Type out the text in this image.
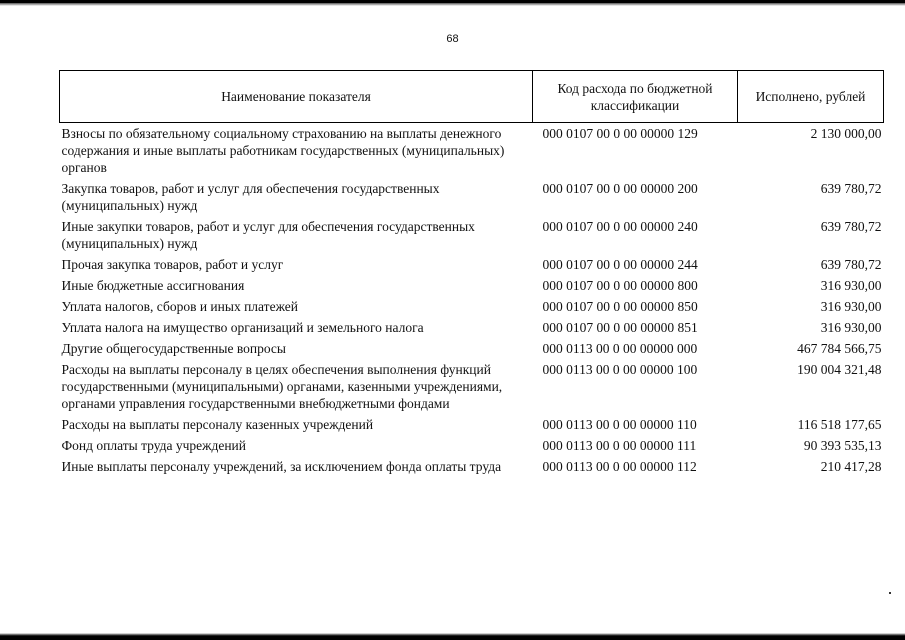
68
Наименование показателя	Код расхода по бюджетной классификации	Исполнено, рублей
Взносы по обязательному социальному страхованию на выплаты денежного содержания и иные выплаты работникам государственных (муниципальных) органов	000 0107 00 0 00 00000 129	2 130 000,00
Закупка товаров, работ и услуг для обеспечения государственных (муниципальных) нужд	000 0107 00 0 00 00000 200	639 780,72
Иные закупки товаров, работ и услуг для обеспечения государственных (муниципальных) нужд	000 0107 00 0 00 00000 240	639 780,72
Прочая закупка товаров, работ и услуг	000 0107 00 0 00 00000 244	639 780,72
Иные бюджетные ассигнования	000 0107 00 0 00 00000 800	316 930,00
Уплата налогов, сборов и иных платежей	000 0107 00 0 00 00000 850	316 930,00
Уплата налога на имущество организаций и земельного налога	000 0107 00 0 00 00000 851	316 930,00
Другие общегосударственные вопросы	000 0113 00 0 00 00000 000	467 784 566,75
Расходы на выплаты персоналу в целях обеспечения выполнения функций государственными (муниципальными) органами, казенными учреждениями, органами управления государственными внебюджетными фондами	000 0113 00 0 00 00000 100	190 004 321,48
Расходы на выплаты персоналу казенных учреждений	000 0113 00 0 00 00000 110	116 518 177,65
Фонд оплаты труда учреждений	000 0113 00 0 00 00000 111	90 393 535,13
Иные выплаты персоналу учреждений, за исключением фонда оплаты труда	000 0113 00 0 00 00000 112	210 417,28
